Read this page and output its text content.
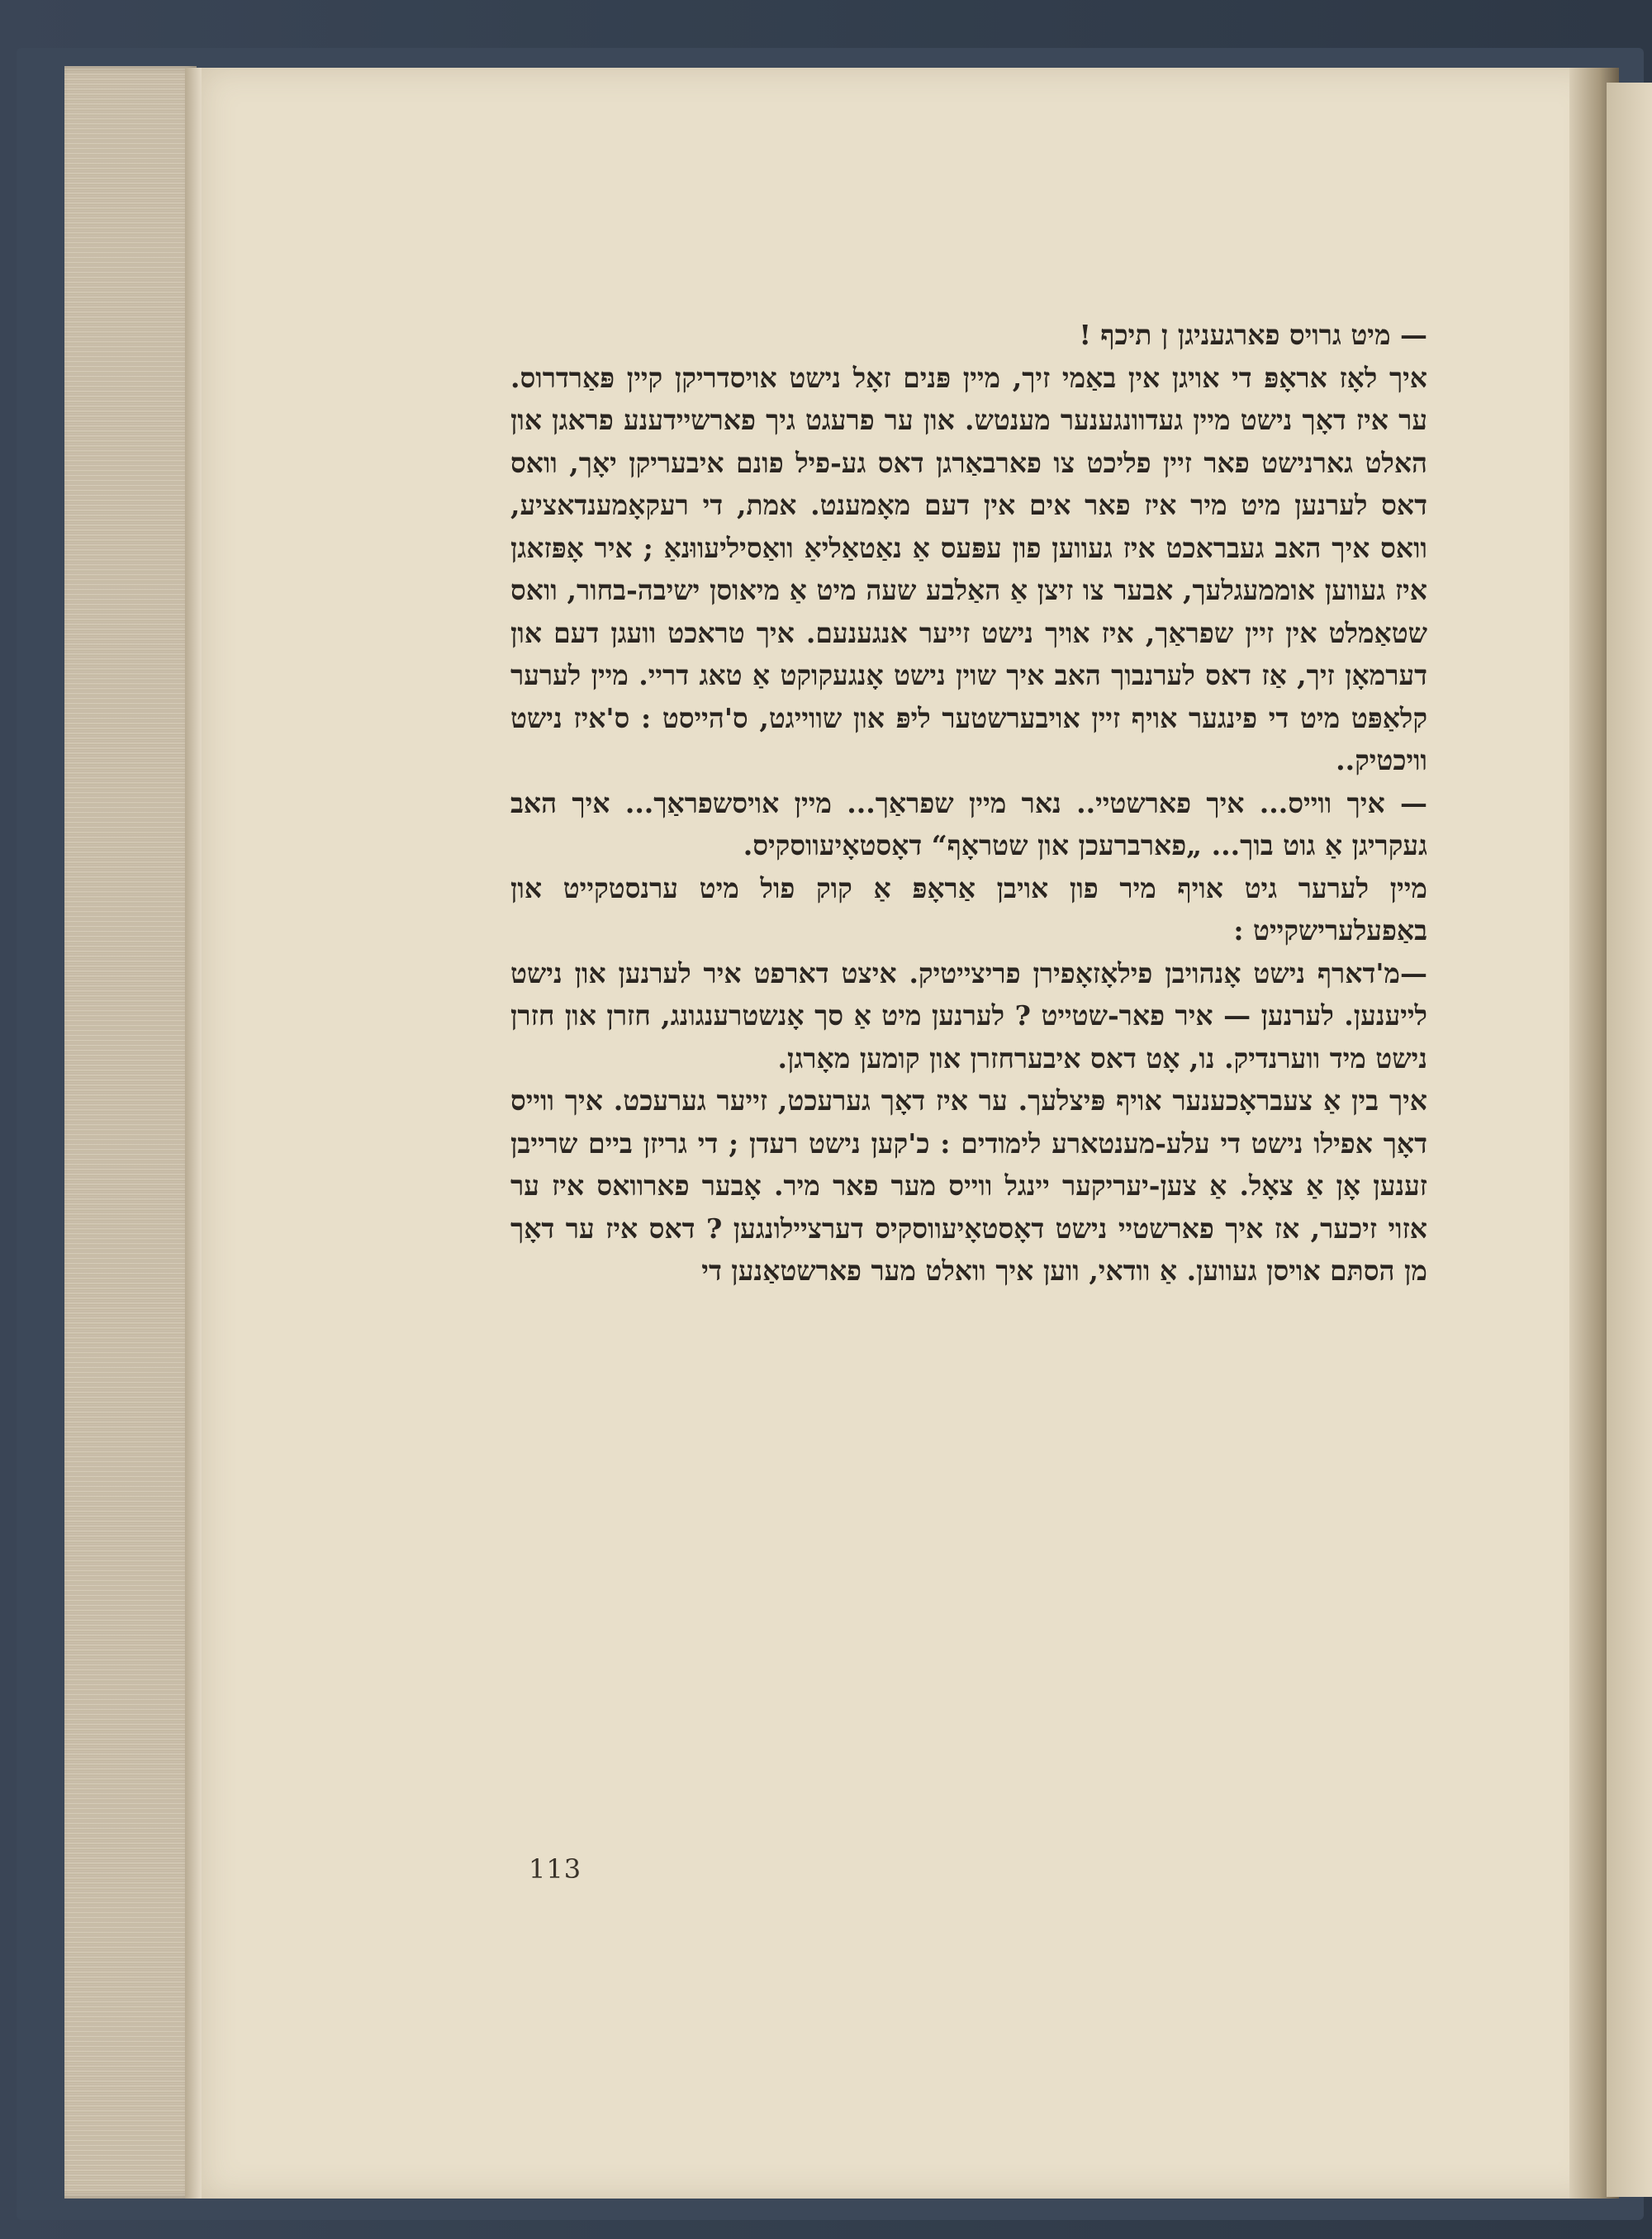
— מיט גרויס פארגעניגן ן תיכף !

איך לאָז אראָפּ די אויגן אין באַמי זיך, מיין פּנים זאָל נישט אויסדריקן קיין פּאַרדרוס. ער איז דאָך נישט מיין געדוונגענער מענטש. און ער פרעגט גיך פארשיידענע פראגן און האלט גארנישט פאר זיין פליכט צו פארבאַרגן דאס גע-פיל פונם איבעריקן יאָך, וואס דאס לערנען מיט מיר איז פאר אים אין דעם מאָמענט. אמת, די רעקאָמענדאציע, וואס איך האב געבראכט איז געווען פון עפּעס אַ נאַטאַליאַ וואַסיליעווּנאַ ; איר אָפּזאגן איז געווען אוממעגלעך, אבער צו זיצן אַ האַלבע שעה מיט אַ מיאוסן ישיבה-בחור, וואס שטאַמלט אין זיין שפראַך, איז אויך נישט זייער אנגענעם. איך טראכט וועגן דעם און דערמאָן זיך, אַז דאס לערנבוך האב איך שוין נישט אָנגעקוקט אַ טאג דריי. מיין לערער קלאַפּט מיט די פינגער אויף זיין אויבערשטער ליפּ און שווייגט, ס'הייסט : ס'איז נישט וויכטיק..

— איך ווייס... איך פארשטיי.. נאר מיין שפראַך... מיין אויסשפראַך... איך האב געקריגן אַ גוט בוך... „פארברעכן און שטראָף“ דאָסטאָיעווסקיס.

מיין לערער גיט אויף מיר פון אויבן אַראָפּ אַ קוק פול מיט ערנסטקייט און באַפעלערישקייט :

—מ'דארף נישט אָנהויבן פילאָזאָפירן פריצייטיק. איצט דארפט איר לערנען און נישט לייענען. לערנען — איר פאר-שטייט ? לערנען מיט אַ סך אָנשטרענגונג, חזרן און חזרן נישט מיד ווערנדיק. נו, אָט דאס איבערחזרן און קומען מאָרגן.

איך בין אַ צעבראָכענער אויף פּיצלעך. ער איז דאָך גערעכט, זייער גערעכט. איך ווייס דאָך אפילו נישט די עלע-מענטארע לימודים : כ'קען נישט רעדן ; די גריזן ביים שרייבן זענען אָן אַ צאָל. אַ צען-יעריקער יינגל ווייס מער פאר מיר. אָבער פארוואס איז ער אזוי זיכער, אז איך פארשטיי נישט דאָסטאָיעווסקיס דערציילונגען ? דאס איז ער דאָך מן הסתּם אויסן געווען. אַ וודאי, ווען איך וואלט מער פארשטאַנען די

113
